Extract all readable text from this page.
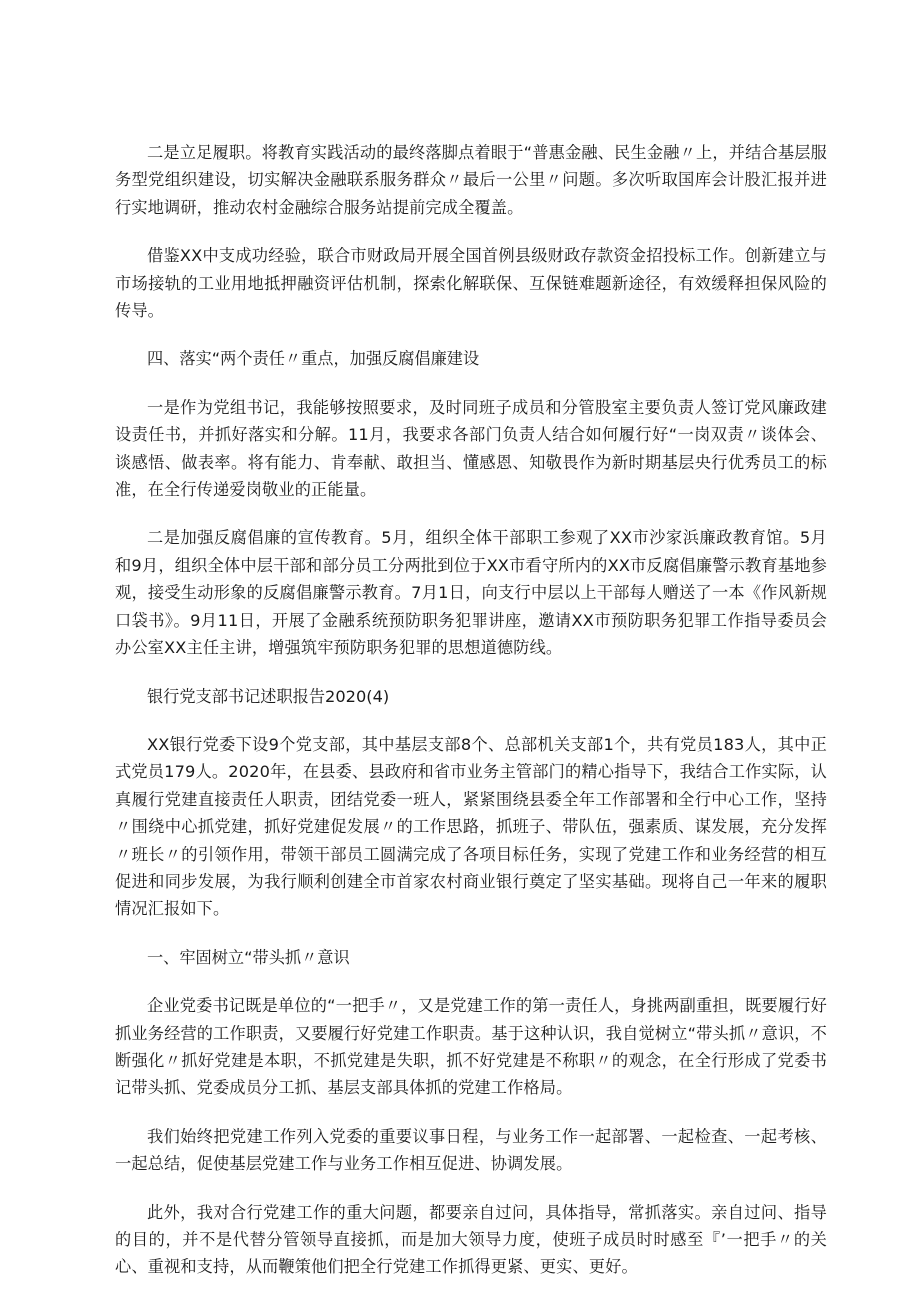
二是立足履职。将教育实践活动的最终落脚点着眼于“普惠金融、民生金融〃上，并结合基层服务型党组织建设，切实解决金融联系服务群众〃最后一公里〃问题。多次听取国库会计股汇报并进行实地调研，推动农村金融综合服务站提前完成全覆盖。

借鉴XX中支成功经验，联合市财政局开展全国首例县级财政存款资金招投标工作。创新建立与市场接轨的工业用地抵押融资评估机制，探索化解联保、互保链难题新途径，有效缓释担保风险的传导。

四、落实“两个责任〃重点，加强反腐倡廉建设

一是作为党组书记，我能够按照要求，及时同班子成员和分管股室主要负责人签订党风廉政建设责任书，并抓好落实和分解。11月，我要求各部门负责人结合如何履行好“一岗双责〃谈体会、谈感悟、做表率。将有能力、肯奉献、敢担当、懂感恩、知敬畏作为新时期基层央行优秀员工的标准，在全行传递爱岗敬业的正能量。

二是加强反腐倡廉的宣传教育。5月，组织全体干部职工参观了XX市沙家浜廉政教育馆。5月和9月，组织全体中层干部和部分员工分两批到位于XX市看守所内的XX市反腐倡廉警示教育基地参观，接受生动形象的反腐倡廉警示教育。7月1日，向支行中层以上干部每人赠送了一本《作风新规口袋书》。9月11日，开展了金融系统预防职务犯罪讲座，邀请XX市预防职务犯罪工作指导委员会办公室XX主任主讲，增强筑牢预防职务犯罪的思想道德防线。

银行党支部书记述职报告2020(4)

XX银行党委下设9个党支部，其中基层支部8个、总部机关支部1个，共有党员183人，其中正式党员179人。2020年，在县委、县政府和省市业务主管部门的精心指导下，我结合工作实际，认真履行党建直接责任人职责，团结党委一班人，紧紧围绕县委全年工作部署和全行中心工作，坚持〃围绕中心抓党建，抓好党建促发展〃的工作思路，抓班子、带队伍，强素质、谋发展，充分发挥〃班长〃的引领作用，带领干部员工圆满完成了各项目标任务，实现了党建工作和业务经营的相互促进和同步发展，为我行顺利创建全市首家农村商业银行奠定了坚实基础。现将自己一年来的履职情况汇报如下。

一、牢固树立“带头抓〃意识

企业党委书记既是单位的“一把手〃，又是党建工作的第一责任人，身挑两副重担，既要履行好抓业务经营的工作职责，又要履行好党建工作职责。基于这种认识，我自觉树立“带头抓〃意识，不断强化〃抓好党建是本职，不抓党建是失职，抓不好党建是不称职〃的观念，在全行形成了党委书记带头抓、党委成员分工抓、基层支部具体抓的党建工作格局。

我们始终把党建工作列入党委的重要议事日程，与业务工作一起部署、一起检查、一起考核、一起总结，促使基层党建工作与业务工作相互促进、协调发展。

此外，我对合行党建工作的重大问题，都要亲自过问，具体指导，常抓落实。亲自过问、指导的目的，并不是代替分管领导直接抓，而是加大领导力度，使班子成员时时感至『’一把手〃的关心、重视和支持，从而鞭策他们把全行党建工作抓得更紧、更实、更好。
